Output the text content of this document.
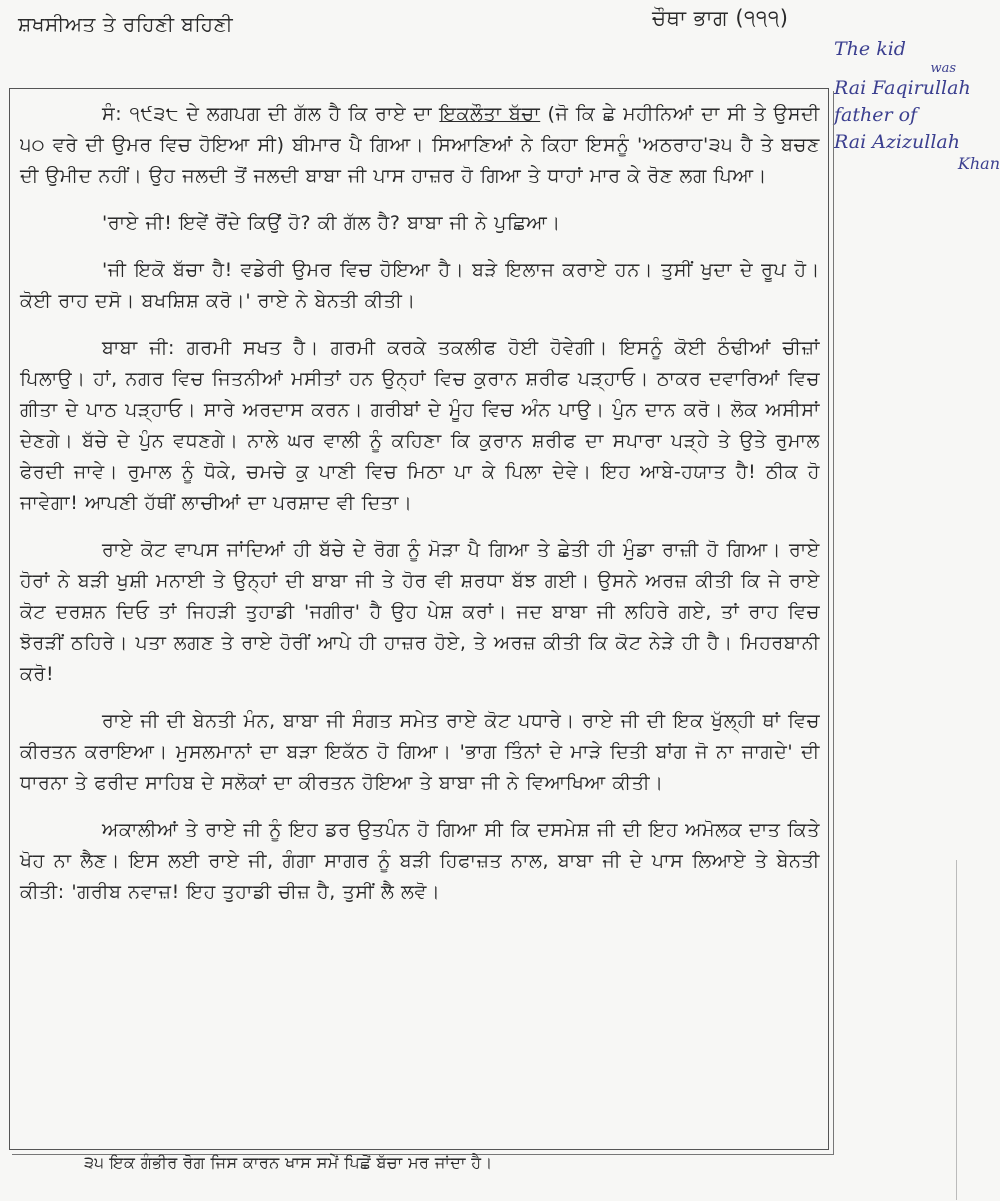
ਸ਼ਖਸੀਅਤ ਤੇ ਰਹਿਣੀ ਬਹਿਣੀ	ਚੌਥਾ ਭਾਗ (੧੧੧)
The kid
was
Rai Faqirullah
father of
Rai Azizullah
Khan

ਸੰ: ੧੯੩੮ ਦੇ ਲਗਪਗ ਦੀ ਗੱਲ ਹੈ ਕਿ ਰਾਏ ਦਾ ਇਕਲੌਤਾ ਬੱਚਾ (ਜੋ ਕਿ ਛੇ ਮਹੀਨਿਆਂ ਦਾ ਸੀ ਤੇ ਉਸਦੀ ੫੦ ਵਰੇ ਦੀ ਉਮਰ ਵਿਚ ਹੋਇਆ ਸੀ) ਬੀਮਾਰ ਪੈ ਗਿਆ। ਸਿਆਣਿਆਂ ਨੇ ਕਿਹਾ ਇਸਨੂੰ 'ਅਠਰਾਹ'੩੫ ਹੈ ਤੇ ਬਚਣ ਦੀ ਉਮੀਦ ਨਹੀਂ। ਉਹ ਜਲਦੀ ਤੋਂ ਜਲਦੀ ਬਾਬਾ ਜੀ ਪਾਸ ਹਾਜ਼ਰ ਹੋ ਗਿਆ ਤੇ ਧਾਹਾਂ ਮਾਰ ਕੇ ਰੋਣ ਲਗ ਪਿਆ।

'ਰਾਏ ਜੀ! ਇਵੇਂ ਰੋਂਦੇ ਕਿਉਂ ਹੋ? ਕੀ ਗੱਲ ਹੈ? ਬਾਬਾ ਜੀ ਨੇ ਪੁਛਿਆ।

'ਜੀ ਇਕੋ ਬੱਚਾ ਹੈ! ਵਡੇਰੀ ਉਮਰ ਵਿਚ ਹੋਇਆ ਹੈ। ਬੜੇ ਇਲਾਜ ਕਰਾਏ ਹਨ। ਤੁਸੀਂ ਖੁਦਾ ਦੇ ਰੂਪ ਹੋ। ਕੋਈ ਰਾਹ ਦਸੋ। ਬਖਸ਼ਿਸ਼ ਕਰੋ।' ਰਾਏ ਨੇ ਬੇਨਤੀ ਕੀਤੀ।

ਬਾਬਾ ਜੀ: ਗਰਮੀ ਸਖਤ ਹੈ। ਗਰਮੀ ਕਰਕੇ ਤਕਲੀਫ ਹੋਈ ਹੋਵੇਗੀ। ਇਸਨੂੰ ਕੋਈ ਠੰਢੀਆਂ ਚੀਜ਼ਾਂ ਪਿਲਾਉ। ਹਾਂ, ਨਗਰ ਵਿਚ ਜਿਤਨੀਆਂ ਮਸੀਤਾਂ ਹਨ ਉਨ੍ਹਾਂ ਵਿਚ ਕੁਰਾਨ ਸ਼ਰੀਫ ਪੜ੍ਹਾਓ। ਠਾਕਰ ਦਵਾਰਿਆਂ ਵਿਚ ਗੀਤਾ ਦੇ ਪਾਠ ਪੜ੍ਹਾਓ। ਸਾਰੇ ਅਰਦਾਸ ਕਰਨ। ਗਰੀਬਾਂ ਦੇ ਮੂੰਹ ਵਿਚ ਅੰਨ ਪਾਉ। ਪੁੰਨ ਦਾਨ ਕਰੋ। ਲੋਕ ਅਸੀਸਾਂ ਦੇਣਗੇ। ਬੱਚੇ ਦੇ ਪੁੰਨ ਵਧਣਗੇ। ਨਾਲੇ ਘਰ ਵਾਲੀ ਨੂੰ ਕਹਿਣਾ ਕਿ ਕੁਰਾਨ ਸ਼ਰੀਫ ਦਾ ਸਪਾਰਾ ਪੜ੍ਹੇ ਤੇ ਉਤੇ ਰੁਮਾਲ ਫੇਰਦੀ ਜਾਵੇ। ਰੁਮਾਲ ਨੂੰ ਧੋਕੇ, ਚਮਚੇ ਕੁ ਪਾਣੀ ਵਿਚ ਮਿਠਾ ਪਾ ਕੇ ਪਿਲਾ ਦੇਵੇ। ਇਹ ਆਬੇ-ਹਯਾਤ ਹੈ! ਠੀਕ ਹੋ ਜਾਵੇਗਾ! ਆਪਣੀ ਹੱਥੀਂ ਲਾਚੀਆਂ ਦਾ ਪਰਸ਼ਾਦ ਵੀ ਦਿਤਾ।

ਰਾਏ ਕੋਟ ਵਾਪਸ ਜਾਂਦਿਆਂ ਹੀ ਬੱਚੇ ਦੇ ਰੋਗ ਨੂੰ ਮੋੜਾ ਪੈ ਗਿਆ ਤੇ ਛੇਤੀ ਹੀ ਮੁੰਡਾ ਰਾਜ਼ੀ ਹੋ ਗਿਆ। ਰਾਏ ਹੋਰਾਂ ਨੇ ਬੜੀ ਖੁਸ਼ੀ ਮਨਾਈ ਤੇ ਉਨ੍ਹਾਂ ਦੀ ਬਾਬਾ ਜੀ ਤੇ ਹੋਰ ਵੀ ਸ਼ਰਧਾ ਬੱਝ ਗਈ। ਉਸਨੇ ਅਰਜ਼ ਕੀਤੀ ਕਿ ਜੇ ਰਾਏ ਕੋਟ ਦਰਸ਼ਨ ਦਿਓ ਤਾਂ ਜਿਹੜੀ ਤੁਹਾਡੀ 'ਜਗੀਰ' ਹੈ ਉਹ ਪੇਸ਼ ਕਰਾਂ। ਜਦ ਬਾਬਾ ਜੀ ਲਹਿਰੇ ਗਏ, ਤਾਂ ਰਾਹ ਵਿਚ ਝੋਰੜੀਂ ਠਹਿਰੇ। ਪਤਾ ਲਗਣ ਤੇ ਰਾਏ ਹੋਰੀਂ ਆਪੇ ਹੀ ਹਾਜ਼ਰ ਹੋਏ, ਤੇ ਅਰਜ਼ ਕੀਤੀ ਕਿ ਕੋਟ ਨੇੜੇ ਹੀ ਹੈ। ਮਿਹਰਬਾਨੀ ਕਰੋ!

ਰਾਏ ਜੀ ਦੀ ਬੇਨਤੀ ਮੰਨ, ਬਾਬਾ ਜੀ ਸੰਗਤ ਸਮੇਤ ਰਾਏ ਕੋਟ ਪਧਾਰੇ। ਰਾਏ ਜੀ ਦੀ ਇਕ ਖੁੱਲ੍ਹੀ ਥਾਂ ਵਿਚ ਕੀਰਤਨ ਕਰਾਇਆ। ਮੁਸਲਮਾਨਾਂ ਦਾ ਬੜਾ ਇਕੱਠ ਹੋ ਗਿਆ। 'ਭਾਗ ਤਿੰਨਾਂ ਦੇ ਮਾੜੇ ਦਿਤੀ ਬਾਂਗ ਜੋ ਨਾ ਜਾਗਦੇ' ਦੀ ਧਾਰਨਾ ਤੇ ਫਰੀਦ ਸਾਹਿਬ ਦੇ ਸਲੋਕਾਂ ਦਾ ਕੀਰਤਨ ਹੋਇਆ ਤੇ ਬਾਬਾ ਜੀ ਨੇ ਵਿਆਖਿਆ ਕੀਤੀ।

ਅਕਾਲੀਆਂ ਤੇ ਰਾਏ ਜੀ ਨੂੰ ਇਹ ਡਰ ਉਤਪੰਨ ਹੋ ਗਿਆ ਸੀ ਕਿ ਦਸਮੇਸ਼ ਜੀ ਦੀ ਇਹ ਅਮੋਲਕ ਦਾਤ ਕਿਤੇ ਖੋਹ ਨਾ ਲੈਣ। ਇਸ ਲਈ ਰਾਏ ਜੀ, ਗੰਗਾ ਸਾਗਰ ਨੂੰ ਬੜੀ ਹਿਫਾਜ਼ਤ ਨਾਲ, ਬਾਬਾ ਜੀ ਦੇ ਪਾਸ ਲਿਆਏ ਤੇ ਬੇਨਤੀ ਕੀਤੀ: 'ਗਰੀਬ ਨਵਾਜ਼! ਇਹ ਤੁਹਾਡੀ ਚੀਜ਼ ਹੈ, ਤੁਸੀਂ ਲੈ ਲਵੋ।

੩੫ ਇਕ ਗੰਭੀਰ ਰੋਗ ਜਿਸ ਕਾਰਨ ਖਾਸ ਸਮੇਂ ਪਿਛੋਂ ਬੱਚਾ ਮਰ ਜਾਂਦਾ ਹੈ।
